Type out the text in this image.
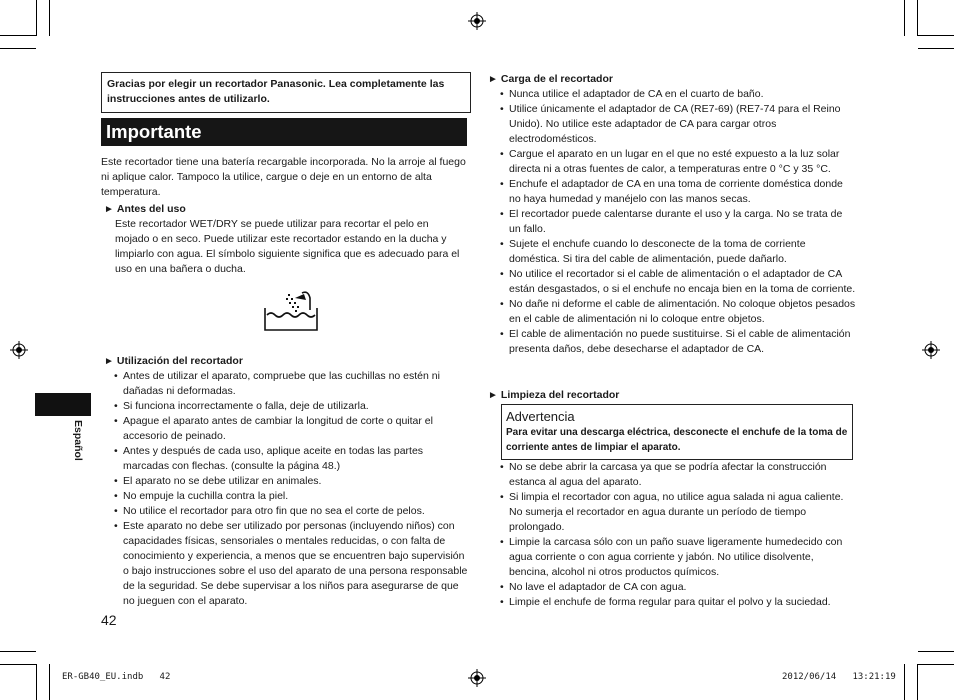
Gracias por elegir un recortador Panasonic. Lea completamente las instrucciones antes de utilizarlo.
Importante
Este recortador tiene una batería recargable incorporada. No la arroje al fuego ni aplique calor. Tampoco la utilice, cargue o deje en un entorno de alta temperatura.
► Antes del uso
Este recortador WET/DRY se puede utilizar para recortar el pelo en mojado o en seco. Puede utilizar este recortador estando en la ducha y limpiarlo con agua. El símbolo siguiente significa que es adecuado para el uso en una bañera o ducha.
► Utilización del recortador
• Antes de utilizar el aparato, compruebe que las cuchillas no estén ni dañadas ni deformadas.
• Si funciona incorrectamente o falla, deje de utilizarla.
• Apague el aparato antes de cambiar la longitud de corte o quitar el accesorio de peinado.
• Antes y después de cada uso, aplique aceite en todas las partes marcadas con flechas. (consulte la página 48.)
• El aparato no se debe utilizar en animales.
• No empuje la cuchilla contra la piel.
• No utilice el recortador para otro fin que no sea el corte de pelos.
• Este aparato no debe ser utilizado por personas (incluyendo niños) con capacidades físicas, sensoriales o mentales reducidas, o con falta de conocimiento y experiencia, a menos que se encuentren bajo supervisión o bajo instrucciones sobre el uso del aparato de una persona responsable de la seguridad. Se debe supervisar a los niños para asegurarse de que no jueguen con el aparato.
Español
42
► Carga de el recortador
• Nunca utilice el adaptador de CA en el cuarto de baño.
• Utilice únicamente el adaptador de CA (RE7-69) (RE7-74 para el Reino Unido). No utilice este adaptador de CA para cargar otros electrodomésticos.
• Cargue el aparato en un lugar en el que no esté expuesto a la luz solar directa ni a otras fuentes de calor, a temperaturas entre 0 °C y 35 °C.
• Enchufe el adaptador de CA en una toma de corriente doméstica donde no haya humedad y manéjelo con las manos secas.
• El recortador puede calentarse durante el uso y la carga. No se trata de un fallo.
• Sujete el enchufe cuando lo desconecte de la toma de corriente doméstica. Si tira del cable de alimentación, puede dañarlo.
• No utilice el recortador si el cable de alimentación o el adaptador de CA están desgastados, o si el enchufe no encaja bien en la toma de corriente.
• No dañe ni deforme el cable de alimentación. No coloque objetos pesados en el cable de alimentación ni lo coloque entre objetos.
• El cable de alimentación no puede sustituirse. Si el cable de alimentación presenta daños, debe desecharse el adaptador de CA.
► Limpieza del recortador
Advertencia
Para evitar una descarga eléctrica, desconecte el enchufe de la toma de corriente antes de limpiar el aparato.
• No se debe abrir la carcasa ya que se podría afectar la construcción estanca al agua del aparato.
• Si limpia el recortador con agua, no utilice agua salada ni agua caliente. No sumerja el recortador en agua durante un período de tiempo prolongado.
• Limpie la carcasa sólo con un paño suave ligeramente humedecido con agua corriente o con agua corriente y jabón. No utilice disolvente, bencina, alcohol ni otros productos químicos.
• No lave el adaptador de CA con agua.
• Limpie el enchufe de forma regular para quitar el polvo y la suciedad.
ER-GB40_EU.indb   42	2012/06/14   13:21:19
